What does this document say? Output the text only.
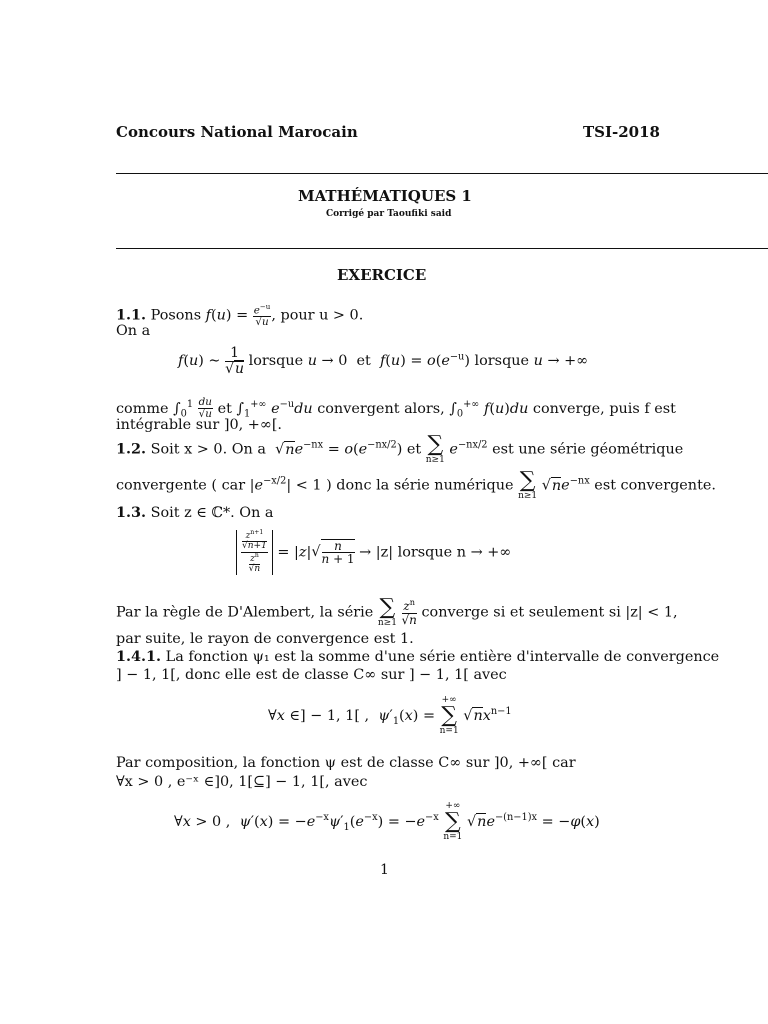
Concours National Marocain	TSI-2018
MATHÉMATIQUES 1
Corrigé par Taoufiki said
EXERCICE
1.1. Posons $f(u) = \frac{e^{-u}}{√u}$ , pour u > 0.
On a
f(u) ∼ $\frac{1}{√u}$ lorsque u → 0  et  $f(u) = o(e^{-u})$ lorsque u → +∞
comme $\int_0^1 \frac{du}{√u}$ et $\int_1^{+\infty}$ $e^{-u}du$ convergent alors, $\int_0^{+\infty}$ f(u)du converge, puis f est
intégrable sur ]0, +∞[.
1.2. Soit x > 0. On a  $√ne^{-nx} = o(e^{-nx/2})$ et ∑
n≥1
$e^{-nx/2}$ est une série géométrique
convergente ( car $|e^{-x/2}| < 1$ ) donc la série numérique ∑
n≥1
$√ne^{-nx}$ est convergente.
1.3. Soit z ∈ ℂ*. On a
$\frac{\frac{z^{n+1}}{√n+1}}{\frac{z^n}{√n}} = |z|√ \frac{n}{n + 1} \to |z|$ lorsque n → +∞
Par la règle de D'Alembert, la série ∑
n≥1
$\frac{z^n}{√n}$ converge si et seulement si |z| < 1,
par suite, le rayon de convergence est 1.
1.4.1. La fonction ψ₁ est la somme d'une série entière d'intervalle de convergence
] − 1, 1[, donc elle est de classe C∞ sur ] − 1, 1[ avec
∀x ∈] − 1, 1[ ,  $\psi'_1(x)$ =
+∞
∑
n=1
$√nx^{n-1}$
Par composition, la fonction ψ est de classe C∞ sur ]0, +∞[ car
∀x > 0 , e⁻ˣ ∈]0, 1[⊆] − 1, 1[, avec
∀x > 0 ,  $\psi'(x) = -e^{-x}\psi'_1(e^{-x}) = -e^{-x}$
+∞
∑
n=1
$√ne^{-(n-1)x} = -\varphi(x)$
1
